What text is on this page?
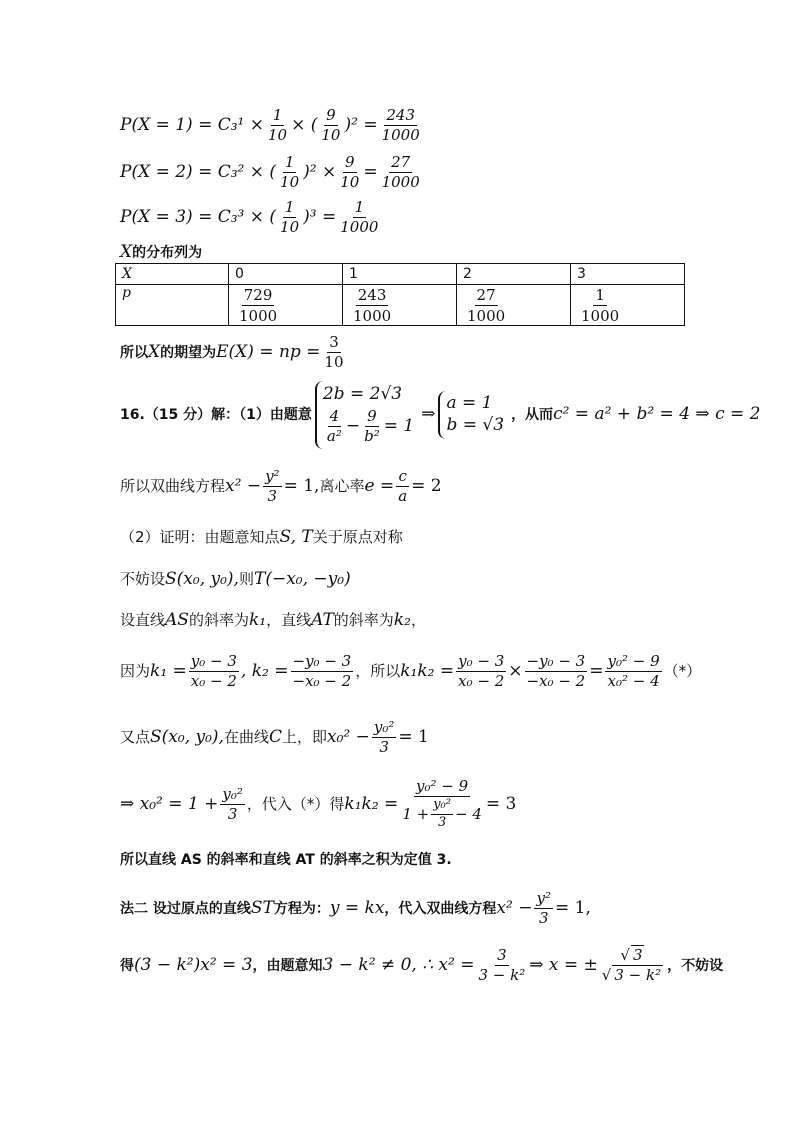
$P(X = 1) = C_3^1 \times \frac{1}{10}$ × ( $\frac{9}{10} )^2 = \frac{243}{1000}$
P(X = 2) = C₃² × ( $\frac{1}{10} )^2 \times \frac{9}{10} = \frac{27}{1000}$
P(X = 3) = C₃³ × ( $\frac{1}{10} )^3 = \frac{1}{1000}$
X 的分布列为
X	0	1	2	3
p	$\frac{729}{1000}$	$\frac{243}{1000}$	$\frac{27}{1000}$	$\frac{1}{1000}$
所以 X 的期望为 E(X) = np = $\frac{3}{10}$
16.（15 分）解：（1）由题意
2b = 2√3
$\frac{4}{\text{a²}} - \frac{9}{\text{b²}} = 1$
⇒
a = 1
b = √3
，从而 c² = a² + b² = 4 ⇒ c = 2
所以双曲线方程 $x^2 - \frac{\text{y²}}{3} = 1$, 离心率 $e = \frac{c}{a} = 2$
（2）证明：由题意知点 S, T 关于原点对称
不妨设 S(x₀, y₀), 则 T(−x₀, −y₀)
设直线 AS 的斜率为 k₁ ，直线 AT 的斜率为 k₂ ，
因为 $k_1 = \frac{\text{y₀ − 3}}{\text{x₀ − 2}}$ , $k_2 = \frac{\text{−y₀ − 3}}{\text{−x₀ − 2}}$ ，所以 $k_1k_2 = \frac{\text{y₀ − 3}}{\text{x₀ − 2}} \times \frac{\text{−y₀ − 3}}{\text{−x₀ − 2}} = \frac{\text{y₀² − 9}}{\text{x₀² − 4}}$ （*）
又点 S(x₀, y₀), 在曲线 C 上，即 $x_0^2 - \frac{\text{y₀²}}{3} = 1$
⇒ $x_0^2 = 1 + \frac{\text{y₀²}}{3}$ ，代入（*）得 $k_1k_2 = \frac{\text{y₀² − 9}}{1 + \frac{\text{y₀²}}{3} - 4} = 3$
所以直线 AS 的斜率和直线 AT 的斜率之积为定值 3.
法二 设过原点的直线 ST 方程为： y = kx ，代入双曲线方程 $x^2 - \frac{\text{y²}}{3} = 1$,
得 (3 − k²)x² = 3 ，由题意知 3 − k² ≠ 0, ∴ $x^2 = \frac{3}{\text{3 − k²}}$ ⇒ x = ± $\frac{√ 3}{\text{√ 3 − k²}}$ ，不妨设
